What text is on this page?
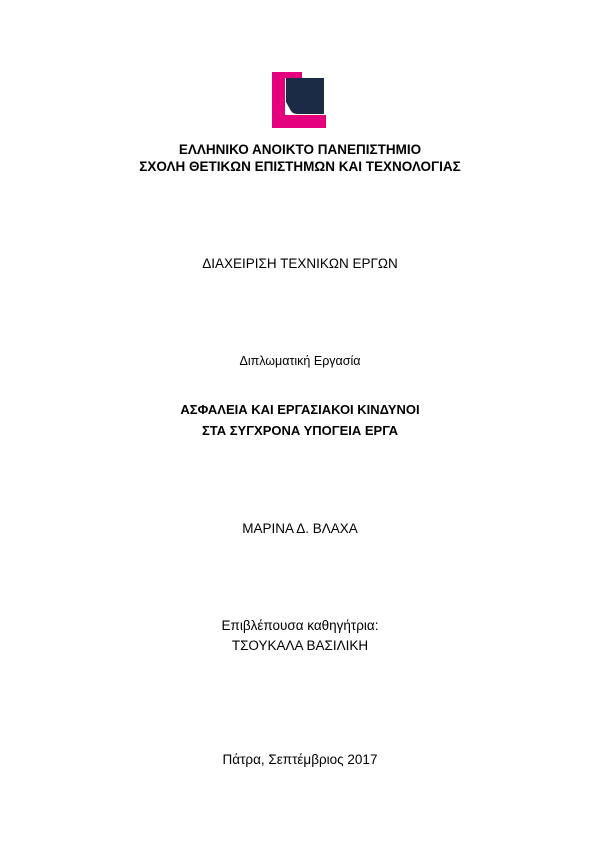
ΕΛΛΗΝΙΚΟ ΑΝΟΙΚΤΟ ΠΑΝΕΠΙΣΤΗΜΙΟ
ΣΧΟΛΗ ΘΕΤΙΚΩΝ ΕΠΙΣΤΗΜΩΝ ΚΑΙ ΤΕΧΝΟΛΟΓΙΑΣ
ΔΙΑΧΕΙΡΙΣΗ ΤΕΧΝΙΚΩΝ ΕΡΓΩΝ
Διπλωματική Εργασία
ΑΣΦΑΛΕΙΑ ΚΑΙ ΕΡΓΑΣΙΑΚΟΙ ΚΙΝΔΥΝΟΙ
ΣΤΑ ΣΥΓΧΡΟΝΑ ΥΠΟΓΕΙΑ ΕΡΓΑ
ΜΑΡΙΝΑ Δ. ΒΛΑΧΑ
Επιβλέπουσα καθηγήτρια:
ΤΣΟΥΚΑΛΑ ΒΑΣΙΛΙΚΗ
Πάτρα, Σεπτέμβριος 2017
